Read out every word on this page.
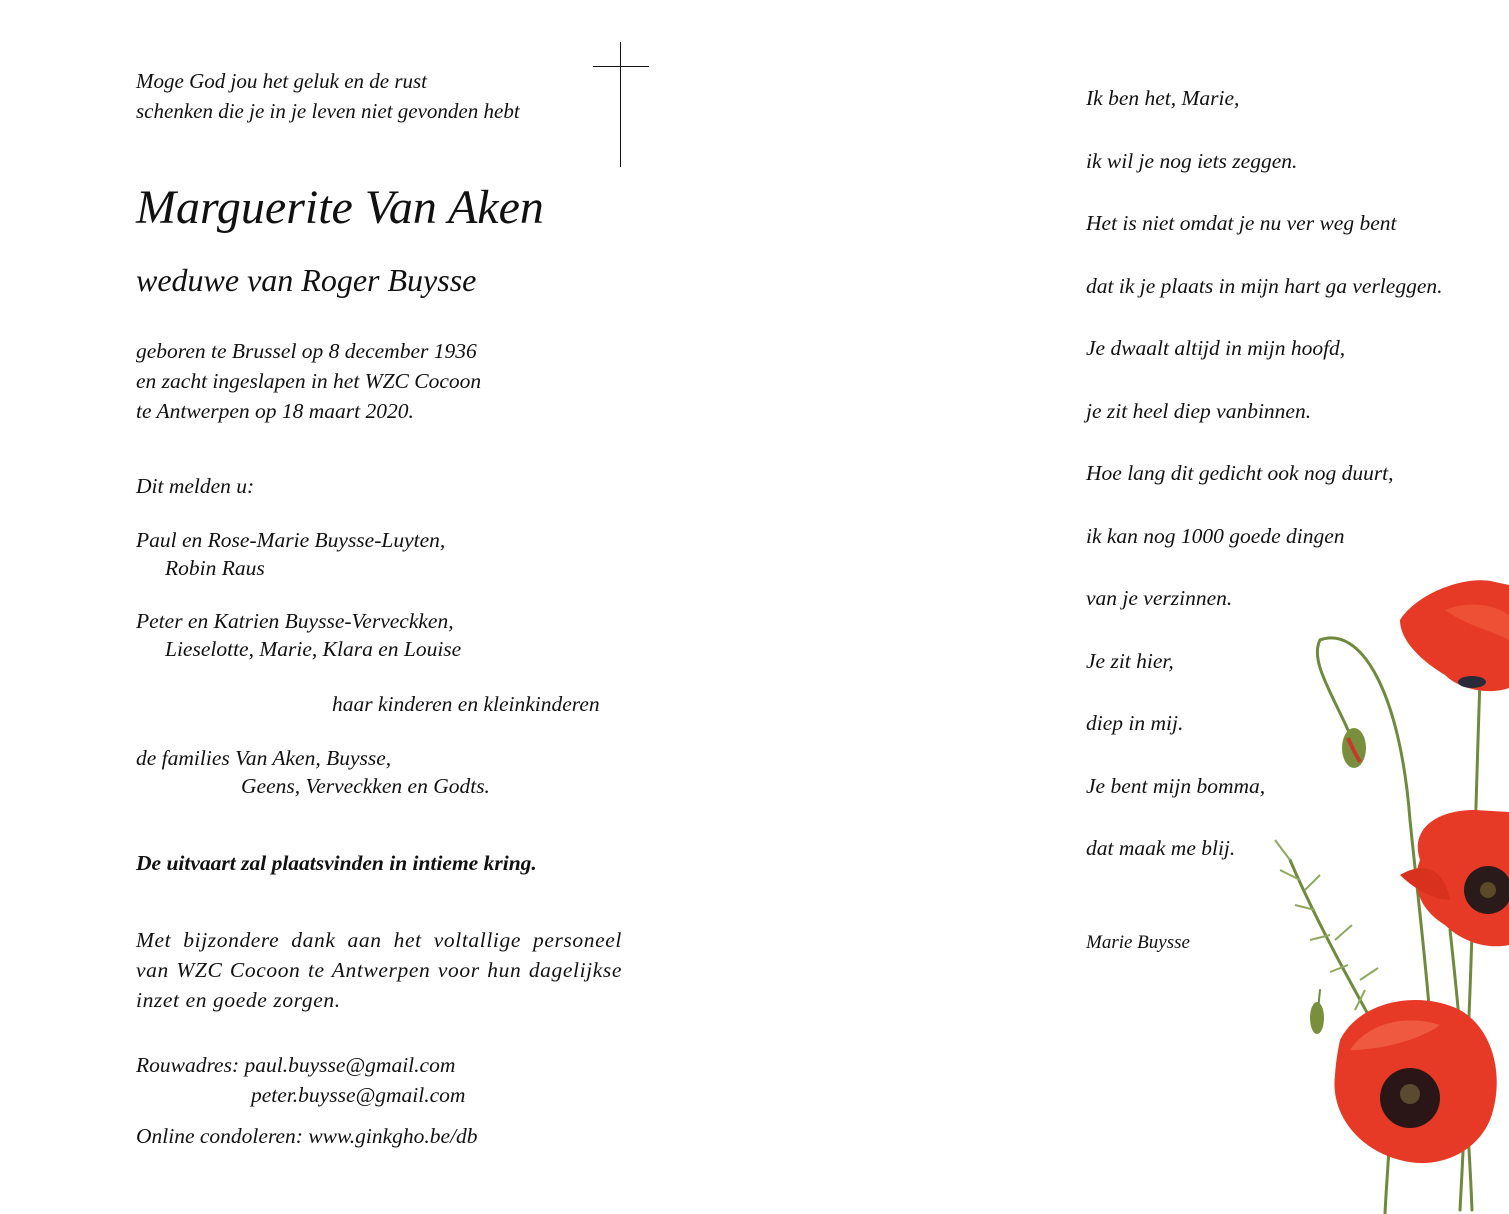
Moge God jou het geluk en de rust
schenken die je in je leven niet gevonden hebt
Marguerite Van Aken
weduwe van Roger Buysse
geboren te Brussel op 8 december 1936
en zacht ingeslapen in het WZC Cocoon
te Antwerpen op 18 maart 2020.
Dit melden u:
Paul en Rose-Marie Buysse-Luyten,
Robin Raus
Peter en Katrien Buysse-Verveckken,
Lieselotte, Marie, Klara en Louise
haar kinderen en kleinkinderen
de families Van Aken, Buysse,
Geens, Verveckken en Godts.
De uitvaart zal plaatsvinden in intieme kring.
Met bijzondere dank aan het voltallige personeel van WZC Cocoon te Antwerpen voor hun dagelijkse inzet en goede zorgen.
Rouwadres: paul.buysse@gmail.com
peter.buysse@gmail.com
Online condoleren: www.ginkgho.be/db
Ik ben het, Marie,
ik wil je nog iets zeggen.
Het is niet omdat je nu ver weg bent
dat ik je plaats in mijn hart ga verleggen.
Je dwaalt altijd in mijn hoofd,
je zit heel diep vanbinnen.
Hoe lang dit gedicht ook nog duurt,
ik kan nog 1000 goede dingen
van je verzinnen.
Je zit hier,
diep in mij.
Je bent mijn bomma,
dat maak me blij.
Marie Buysse
